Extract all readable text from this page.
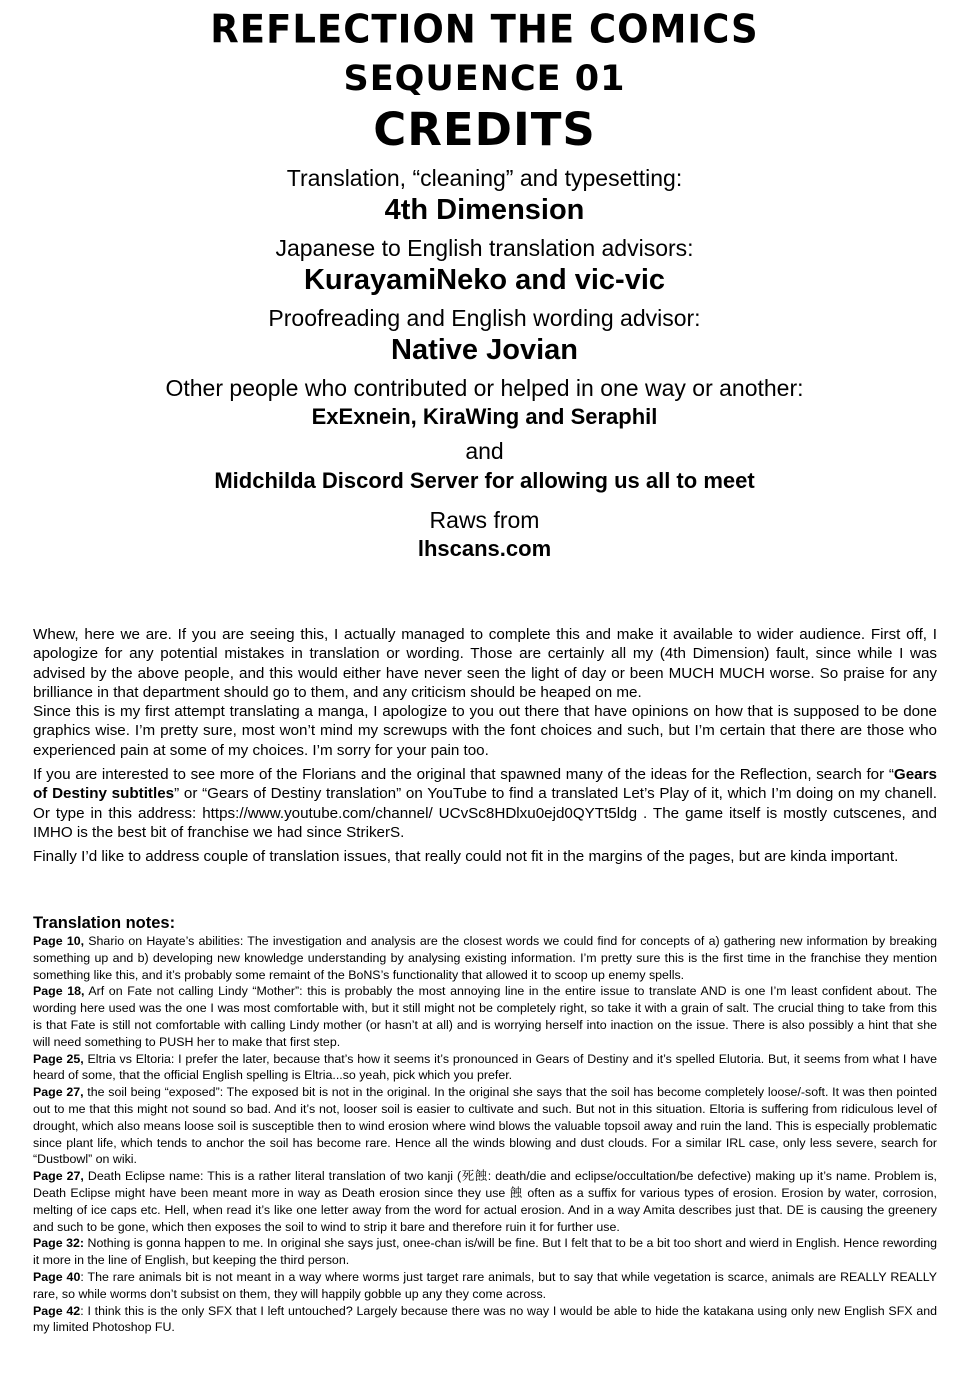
REFLECTION THE COMICS
SEQUENCE 01
CREDITS
Translation, “cleaning” and typesetting:
4th Dimension
Japanese to English translation advisors:
KurayamiNeko and vic-vic
Proofreading and English wording advisor:
Native Jovian
Other people who contributed or helped in one way or another:
ExExnein, KiraWing and Seraphil
and
Midchilda Discord Server for allowing us all to meet
Raws from
lhscans.com

Whew, here we are. If you are seeing this, I actually managed to complete this and make it available to wider audience. First off, I apologize for any potential mistakes in translation or wording. Those are certainly all my (4th Dimension) fault, since while I was advised by the above people, and this would either have never seen the light of day or been MUCH MUCH worse. So praise for any brilliance in that department should go to them, and any criticism should be heaped on me.

Since this is my first attempt translating a manga, I apologize to you out there that have opinions on how that is supposed to be done graphics wise. I’m pretty sure, most won’t mind my screwups with the font choices and such, but I’m certain that there are those who experienced pain at some of my choices. I’m sorry for your pain too.

If you are interested to see more of the Florians and the original that spawned many of the ideas for the Reflection, search for “Gears of Destiny subtitles” or “Gears of Destiny translation” on YouTube to find a translated Let’s Play of it, which I’m doing on my chanell. Or type in this address: https://www.youtube.com/channel/ UCvSc8HDlxu0ejd0QYTt5ldg . The game itself is mostly cutscenes, and IMHO is the best bit of franchise we had since StrikerS.

Finally I’d like to address couple of translation issues, that really could not fit in the margins of the pages, but are kinda important.

Translation notes:

Page 10, Shario on Hayate’s abilities: The investigation and analysis are the closest words we could find for concepts of a) gathering new information by breaking something up and b) developing new knowledge understanding by analysing existing information. I’m pretty sure this is the first time in the franchise they mention something like this, and it’s probably some remaint of the BoNS’s functionality that allowed it to scoop up enemy spells.

Page 18, Arf on Fate not calling Lindy “Mother”: this is probably the most annoying line in the entire issue to translate AND is one I’m least confident about. The wording here used was the one I was most comfortable with, but it still might not be completely right, so take it with a grain of salt. The crucial thing to take from this is that Fate is still not comfortable with calling Lindy mother (or hasn’t at all) and is worrying herself into inaction on the issue. There is also possibly a hint that she will need something to PUSH her to make that first step.

Page 25, Eltria vs Eltoria: I prefer the later, because that’s how it seems it’s pronounced in Gears of Destiny and it’s spelled Elutoria. But, it seems from what I have heard of some, that the official English spelling is Eltria...so yeah, pick which you prefer.

Page 27, the soil being “exposed”: The exposed bit is not in the original. In the original she says that the soil has become completely loose/-soft. It was then pointed out to me that this might not sound so bad. And it’s not, looser soil is easier to cultivate and such. But not in this situation. Eltoria is suffering from ridiculous level of drought, which also means loose soil is susceptible then to wind erosion where wind blows the valuable topsoil away and ruin the land. This is especially problematic since plant life, which tends to anchor the soil has become rare. Hence all the winds blowing and dust clouds. For a similar IRL case, only less severe, search for “Dustbowl” on wiki.

Page 27, Death Eclipse name: This is a rather literal translation of two kanji (死蝕: death/die and eclipse/occultation/be defective) making up it’s name. Problem is, Death Eclipse might have been meant more in way as Death erosion since they use 蝕 often as a suffix for various types of erosion. Erosion by water, corrosion, melting of ice caps etc. Hell, when read it’s like one letter away from the word for actual erosion. And in a way Amita describes just that. DE is causing the greenery and such to be gone, which then exposes the soil to wind to strip it bare and therefore ruin it for further use.

Page 32: Nothing is gonna happen to me. In original she says just, onee-chan is/will be fine. But I felt that to be a bit too short and wierd in English. Hence rewording it more in the line of English, but keeping the third person.

Page 40: The rare animals bit is not meant in a way where worms just target rare animals, but to say that while vegetation is scarce, animals are REALLY REALLY rare, so while worms don’t subsist on them, they will happily gobble up any they come across.

Page 42: I think this is the only SFX that I left untouched? Largely because there was no way I would be able to hide the katakana using only new English SFX and my limited Photoshop FU.
